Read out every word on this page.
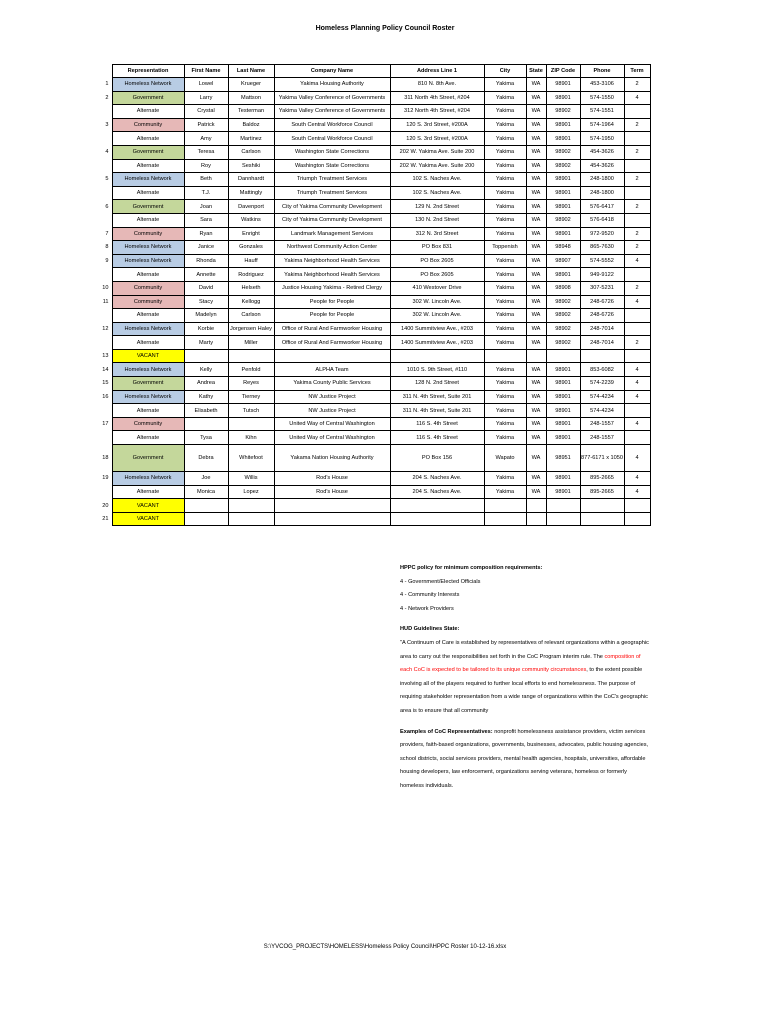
Homeless Planning Policy Council Roster
	Representation	First Name	Last Name	Company Name	Address Line 1	City	State	ZIP Code	Phone	Term
1	Homeless Network	Lowel	Krueger	Yakima Housing Authority	810 N. 8th Ave.	Yakima	WA	98901	453-3106	2
2	Government	Larry	Mattson	Yakima Valley Conference of Governments	311 North 4th Street, #204	Yakima	WA	98901	574-1550	4
	Alternate	Crystal	Testerman	Yakima Valley Conference of Governments	312 North 4th Street, #204	Yakima	WA	98902	574-1551	
3	Community	Patrick	Baldoz	South Central Workforce Council	120 S. 3rd Street, #200A	Yakima	WA	98901	574-1964	2
	Alternate	Amy	Martinez	South Central Workforce Council	120 S. 3rd Street, #200A	Yakima	WA	98901	574-1950	
4	Government	Teresa	Carlson	Washington State Corrections	202 W. Yakima Ave. Suite 200	Yakima	WA	98902	454-3626	2
	Alternate	Roy	Seshiki	Washington State Corrections	202 W. Yakima Ave. Suite 200	Yakima	WA	98902	454-3626	
5	Homeless Network	Beth	Dannhardt	Triumph Treatment Services	102 S. Naches Ave.	Yakima	WA	98901	248-1800	2
	Alternate	T.J.	Mattingly	Triumph Treatment Services	102 S. Naches Ave.	Yakima	WA	98901	248-1800	
6	Government	Joan	Davenport	City of Yakima Community Development	129 N. 2nd Street	Yakima	WA	98901	576-6417	2
	Alternate	Sara	Watkins	City of Yakima Community Development	130 N. 2nd Street	Yakima	WA	98902	576-6418	
7	Community	Ryan	Enright	Landmark Management Services	312 N. 3rd Street	Yakima	WA	98901	972-9520	2
8	Homeless Network	Janice	Gonzales	Northwest Community Action Center	PO Box 831	Toppenish	WA	98948	865-7630	2
9	Homeless Network	Rhonda	Hauff	Yakima Neighborhood Health Services	PO Box 2605	Yakima	WA	98907	574-5552	4
	Alternate	Annette	Rodriguez	Yakima Neighborhood Health Services	PO Box 2605	Yakima	WA	98901	949-9122	
10	Community	David	Helseth	Justice Housing Yakima - Retired Clergy	410 Westover Drive	Yakima	WA	98908	307-5231	2
11	Community	Stacy	Kellogg	People for People	302 W. Lincoln Ave.	Yakima	WA	98902	248-6726	4
	Alternate	Madelyn	Carlson	People for People	302 W. Lincoln Ave.	Yakima	WA	98902	248-6726	
12	Homeless Network	Korbie	Jorgensen Haley	Office of Rural And Farmworker Housing	1400 Summitview Ave., #203	Yakima	WA	98902	248-7014	
	Alternate	Marty	Miller	Office of Rural And Farmworker Housing	1400 Summitview Ave., #203	Yakima	WA	98902	248-7014	2
13	VACANT									
14	Homeless Network	Kelly	Penfold	ALPHA Team	1010 S. 9th Street, #110	Yakima	WA	98901	853-6082	4
15	Government	Andrea	Reyes	Yakima County Public Services	128 N. 2nd Street	Yakima	WA	98901	574-2239	4
16	Homeless Network	Kathy	Tierney	NW Justice Project	311 N. 4th Street, Suite 201	Yakima	WA	98901	574-4234	4
	Alternate	Elisabeth	Tutsch	NW Justice Project	311 N. 4th Street, Suite 201	Yakima	WA	98901	574-4234	
17	Community			United Way of Central Washington	116 S. 4th Street	Yakima	WA	98901	248-1557	4
	Alternate	Tysa	Kihn	United Way of Central Washington	116 S. 4th Street	Yakima	WA	98901	248-1557	
18	Government	Debra	Whitefoot	Yakama Nation Housing Authority	PO Box 156	Wapato	WA	98951	877-6171 x 1050	4
19	Homeless Network	Joe	Willis	Rod's House	204 S. Naches Ave.	Yakima	WA	98901	895-2665	4
	Alternate	Monica	Lopez	Rod's House	204 S. Naches Ave.	Yakima	WA	98901	895-2665	4
20	VACANT									
21	VACANT									

HPPC policy for minimum composition requirements:

4 - Government/Elected Officials

4 - Community Interests

4 - Network Providers

HUD Guidelines State:

"A Continuum of Care is established by representatives of relevant organizations within a geographic area to carry out the responsibilities set forth in the CoC Program interim rule. The composition of each CoC is expected to be tailored to its unique community circumstances, to the extent possible involving all of the players required to further local efforts to end homelessness. The purpose of requiring stakeholder representation from a wide range of organizations within the CoC's geographic area is to ensure that all community

Examples of CoC Representatives: nonprofit homelessness assistance providers, victim services providers, faith-based organizations, governments, businesses, advocates, public housing agencies, school districts, social services providers, mental health agencies, hospitals, universities, affordable housing developers, law enforcement, organizations serving veterans, homeless or formerly homeless individuals.

S:\YVCOG_PROJECTS\HOMELESS\Homeless Policy Council\HPPC Roster 10-12-16.xlsx
